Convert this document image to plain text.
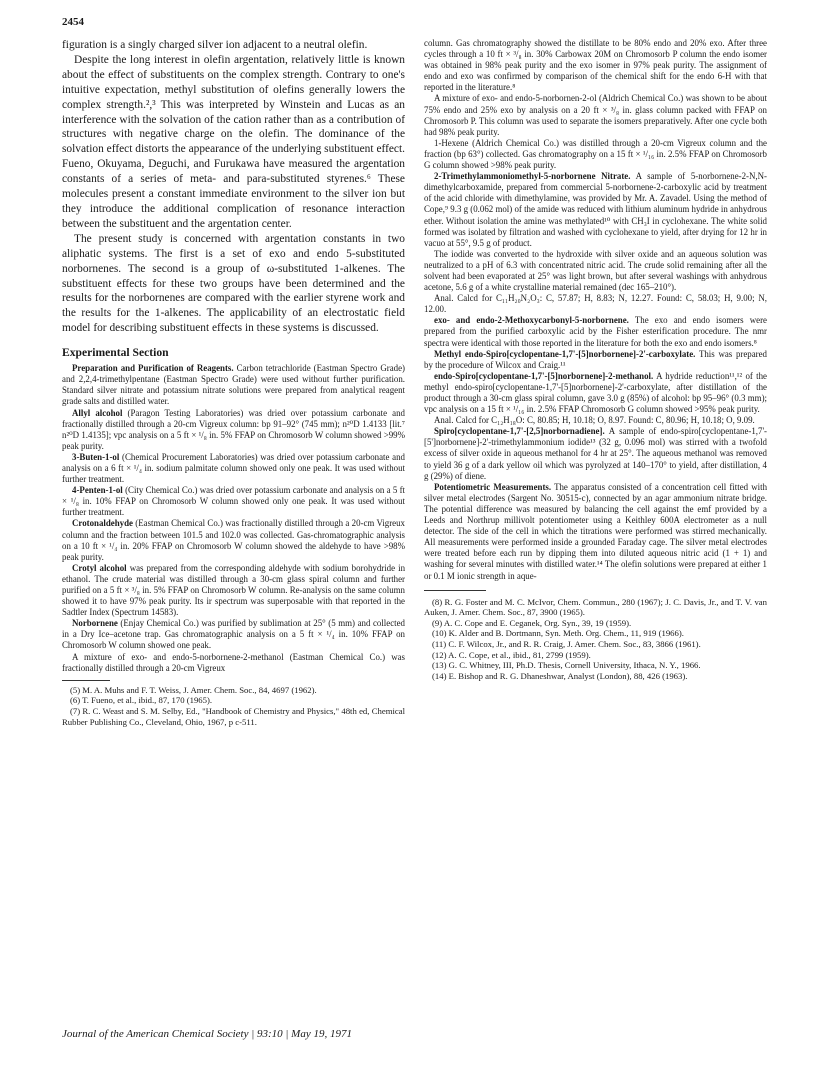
2454

figuration is a singly charged silver ion adjacent to a neutral olefin.

Despite the long interest in olefin argentation, relatively little is known about the effect of substituents on the complex strength. Contrary to one's intuitive expectation, methyl substitution of olefins generally lowers the complex strength.²,³ This was interpreted by Winstein and Lucas as an interference with the solvation of the cation rather than as a contribution of structures with negative charge on the olefin. The dominance of the solvation effect distorts the appearance of the underlying substituent effect. Fueno, Okuyama, Deguchi, and Furukawa have measured the argentation constants of a series of meta- and para-substituted styrenes.⁶ These molecules present a constant immediate environment to the silver ion but they introduce the additional complication of resonance interaction between the substituent and the argentation center.

The present study is concerned with argentation constants in two aliphatic systems. The first is a set of exo and endo 5-substituted norbornenes. The second is a group of ω-substituted 1-alkenes. The substituent effects for these two groups have been determined and the results for the norbornenes are compared with the earlier styrene work and the results for the 1-alkenes. The applicability of an electrostatic field model for describing substituent effects in these systems is discussed.

Experimental Section

Preparation and Purification of Reagents. Carbon tetrachloride (Eastman Spectro Grade) and 2,2,4-trimethylpentane (Eastman Spectro Grade) were used without further purification. Standard silver nitrate and potassium nitrate solutions were prepared from analytical reagent grade salts and distilled water.

Allyl alcohol (Paragon Testing Laboratories) was dried over potassium carbonate and fractionally distilled through a 20-cm Vigreux column: bp 91–92° (745 mm); n²⁰D 1.4133 [lit.⁷ n²⁰D 1.4135]; vpc analysis on a 5 ft × ¹/₈ in. 5% FFAP on Chromosorb W column showed >99% peak purity.

3-Buten-1-ol (Chemical Procurement Laboratories) was dried over potassium carbonate and analysis on a 6 ft × ¹/₄ in. sodium palmitate column showed only one peak. It was used without further treatment.

4-Penten-1-ol (City Chemical Co.) was dried over potassium carbonate and analysis on a 5 ft × ¹/₈ in. 10% FFAP on Chromosorb W column showed only one peak. It was used without further treatment.

Crotonaldehyde (Eastman Chemical Co.) was fractionally distilled through a 20-cm Vigreux column and the fraction between 101.5 and 102.0 was collected. Gas-chromatographic analysis on a 10 ft × ¹/₄ in. 20% FFAP on Chromosorb W column showed the aldehyde to have >98% peak purity.

Crotyl alcohol was prepared from the corresponding aldehyde with sodium borohydride in ethanol. The crude material was distilled through a 30-cm glass spiral column and further purified on a 5 ft × ³/₈ in. 5% FFAP on Chromosorb W column. Re-analysis on the same column showed it to have 97% peak purity. Its ir spectrum was superposable with that reported in the Sadtler Index (Spectrum 14583).

Norbornene (Enjay Chemical Co.) was purified by sublimation at 25° (5 mm) and collected in a Dry Ice–acetone trap. Gas chromatographic analysis on a 5 ft × ¹/₄ in. 10% FFAP on Chromosorb W column showed one peak.

A mixture of exo- and endo-5-norbornene-2-methanol (Eastman Chemical Co.) was fractionally distilled through a 20-cm Vigreux

(5) M. A. Muhs and F. T. Weiss, J. Amer. Chem. Soc., 84, 4697 (1962).

(6) T. Fueno, et al., ibid., 87, 170 (1965).

(7) R. C. Weast and S. M. Selby, Ed., "Handbook of Chemistry and Physics," 48th ed, Chemical Rubber Publishing Co., Cleveland, Ohio, 1967, p c-511.

column. Gas chromatography showed the distillate to be 80% endo and 20% exo. After three cycles through a 10 ft × ³/₈ in. 30% Carbowax 20M on Chromosorb P column the endo isomer was obtained in 98% peak purity and the exo isomer in 97% peak purity. The assignment of endo and exo was confirmed by comparison of the chemical shift for the endo 6-H with that reported in the literature.⁸

A mixture of exo- and endo-5-norbornen-2-ol (Aldrich Chemical Co.) was shown to be about 75% endo and 25% exo by analysis on a 20 ft × ³/₈ in. glass column packed with FFAP on Chromosorb P. This column was used to separate the isomers preparatively. After one cycle both had 98% peak purity.

1-Hexene (Aldrich Chemical Co.) was distilled through a 20-cm Vigreux column and the fraction (bp 63°) collected. Gas chromatography on a 15 ft × ¹/₁₆ in. 2.5% FFAP on Chromosorb G column showed >98% peak purity.

2-Trimethylammoniomethyl-5-norbornene Nitrate. A sample of 5-norbornene-2-N,N-dimethylcarboxamide, prepared from commercial 5-norbornene-2-carboxylic acid by treatment of the acid chloride with dimethylamine, was provided by Mr. A. Zavadel. Using the method of Cope,⁹ 9.3 g (0.062 mol) of the amide was reduced with lithium aluminum hydride in anhydrous ether. Without isolation the amine was methylated¹⁰ with CH₃I in cyclohexane. The white solid formed was isolated by filtration and washed with cyclohexane to yield, after drying for 12 hr in vacuo at 55°, 9.5 g of product.

The iodide was converted to the hydroxide with silver oxide and an aqueous solution was neutralized to a pH of 6.3 with concentrated nitric acid. The crude solid remaining after all the solvent had been evaporated at 25° was light brown, but after several washings with anhydrous acetone, 5.6 g of a white crystalline material remained (dec 165–210°).

Anal. Calcd for C₁₁H₂₀N₂O₃: C, 57.87; H, 8.83; N, 12.27. Found: C, 58.03; H, 9.00; N, 12.00.

exo- and endo-2-Methoxycarbonyl-5-norbornene. The exo and endo isomers were prepared from the purified carboxylic acid by the Fisher esterification procedure. The nmr spectra were identical with those reported in the literature for both the exo and endo isomers.⁸

Methyl endo-Spiro[cyclopentane-1,7'-[5]norbornene]-2'-carboxylate. This was prepared by the procedure of Wilcox and Craig.¹¹

endo-Spiro[cyclopentane-1,7'-[5]norbornene]-2-methanol. A hydride reduction¹¹,¹² of the methyl endo-spiro[cyclopentane-1,7'-[5]norbornene]-2'-carboxylate, after distillation of the product through a 30-cm glass spiral column, gave 3.0 g (85%) of alcohol: bp 95–96° (0.3 mm); vpc analysis on a 15 ft × ¹/₁₆ in. 2.5% FFAP Chromosorb G column showed >95% peak purity.

Anal. Calcd for C₁₂H₁₈O: C, 80.85; H, 10.18; O, 8.97. Found: C, 80.96; H, 10.18; O, 9.09.

Spiro[cyclopentane-1,7'-[2,5]norbornadiene]. A sample of endo-spiro[cyclopentane-1,7'-[5']norbornene]-2'-trimethylammonium iodide¹³ (32 g, 0.096 mol) was stirred with a twofold excess of silver oxide in aqueous methanol for 4 hr at 25°. The aqueous methanol was removed to yield 36 g of a dark yellow oil which was pyrolyzed at 140–170° to yield, after distillation, 4 g (29%) of diene.

Potentiometric Measurements. The apparatus consisted of a concentration cell fitted with silver metal electrodes (Sargent No. 30515-c), connected by an agar ammonium nitrate bridge. The potential difference was measured by balancing the cell against the emf provided by a Leeds and Northrup millivolt potentiometer using a Keithley 600A electrometer as a null detector. The side of the cell in which the titrations were performed was stirred mechanically. All measurements were performed inside a grounded Faraday cage. The silver metal electrodes were treated before each run by dipping them into diluted aqueous nitric acid (1 + 1) and washing for several minutes with distilled water.¹⁴ The olefin solutions were prepared at either 1 or 0.1 M ionic strength in aque-

(8) R. G. Foster and M. C. McIvor, Chem. Commun., 280 (1967); J. C. Davis, Jr., and T. V. van Auken, J. Amer. Chem. Soc., 87, 3900 (1965).

(9) A. C. Cope and E. Ceganek, Org. Syn., 39, 19 (1959).

(10) K. Alder and B. Dortmann, Syn. Meth. Org. Chem., 11, 919 (1966).

(11) C. F. Wilcox, Jr., and R. R. Craig, J. Amer. Chem. Soc., 83, 3866 (1961).

(12) A. C. Cope, et al., ibid., 81, 2799 (1959).

(13) G. C. Whitney, III, Ph.D. Thesis, Cornell University, Ithaca, N. Y., 1966.

(14) E. Bishop and R. G. Dhaneshwar, Analyst (London), 88, 426 (1963).

Journal of the American Chemical Society | 93:10 | May 19, 1971
